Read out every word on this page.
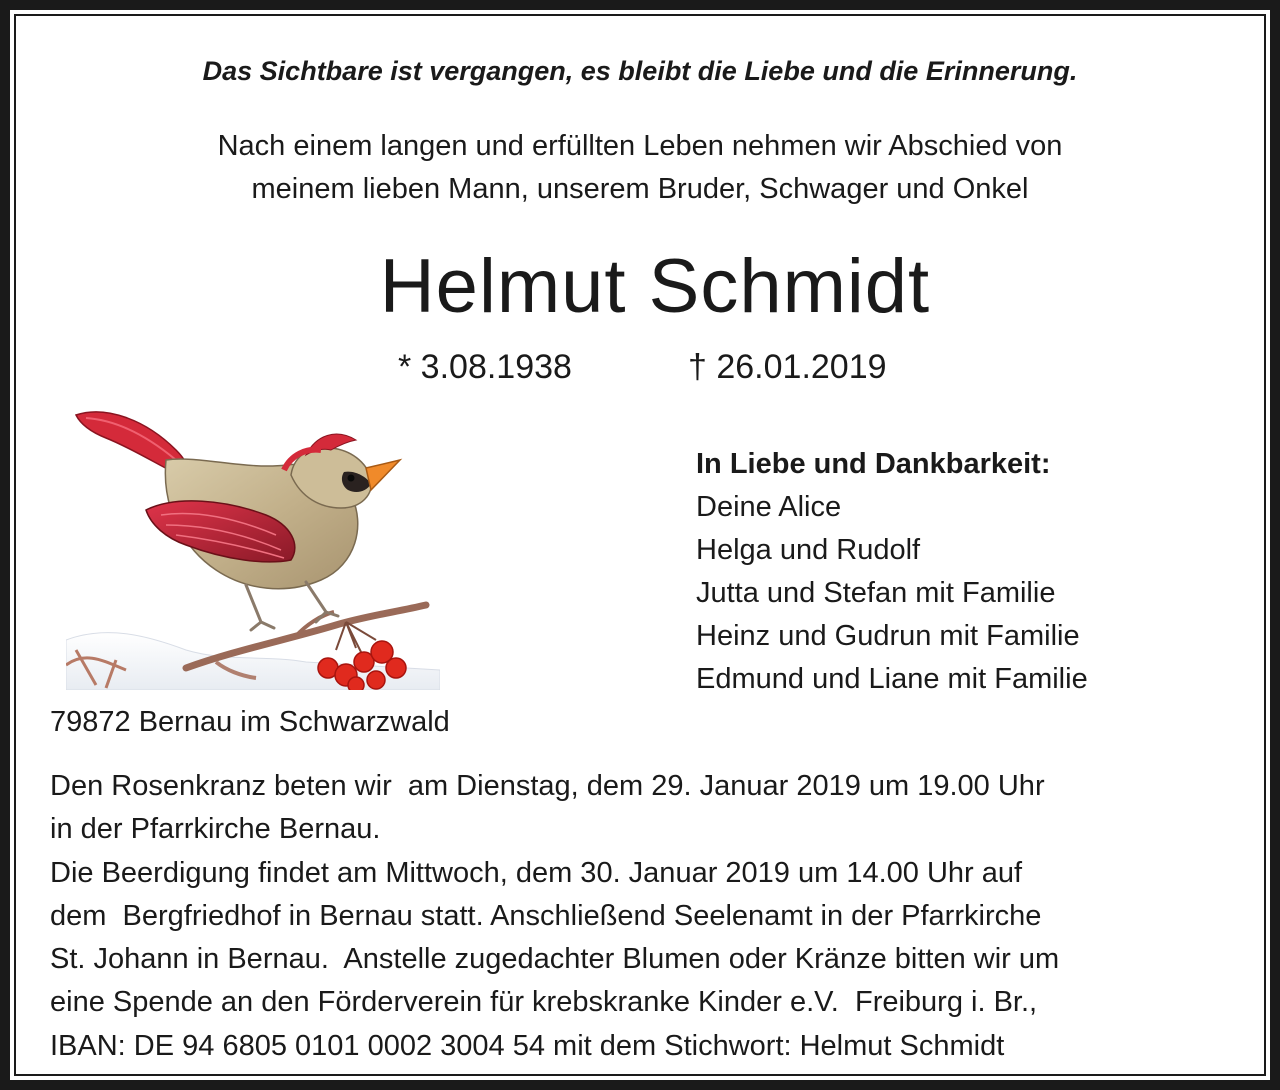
Das Sichtbare ist vergangen, es bleibt die Liebe und die Erinnerung.
Nach einem langen und erfüllten Leben nehmen wir Abschied von
meinem lieben Mann, unserem Bruder, Schwager und Onkel
Helmut Schmidt
* 3.08.1938	† 26.01.2019
In Liebe und Dankbarkeit:
Deine Alice
Helga und Rudolf
Jutta und Stefan mit Familie
Heinz und Gudrun mit Familie
Edmund und Liane mit Familie
79872 Bernau im Schwarzwald
Den Rosenkranz beten wir  am Dienstag, dem 29. Januar 2019 um 19.00 Uhr
in der Pfarrkirche Bernau.
Die Beerdigung findet am Mittwoch, dem 30. Januar 2019 um 14.00 Uhr auf
dem  Bergfriedhof in Bernau statt. Anschließend Seelenamt in der Pfarrkirche
St. Johann in Bernau.  Anstelle zugedachter Blumen oder Kränze bitten wir um
eine Spende an den Förderverein für krebskranke Kinder e.V.  Freiburg i. Br.,
IBAN: DE 94 6805 0101 0002 3004 54 mit dem Stichwort: Helmut Schmidt
